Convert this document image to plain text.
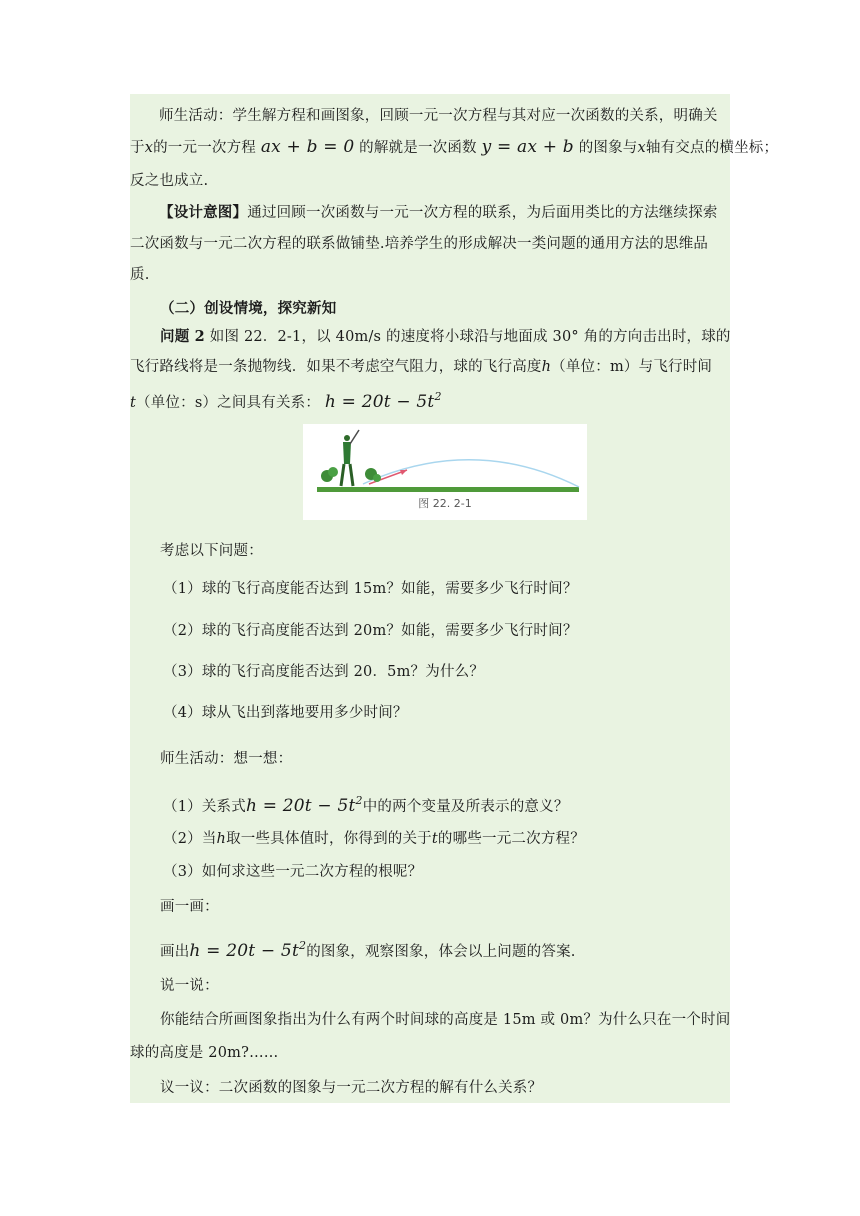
师生活动：学生解方程和画图象，回顾一元一次方程与其对应一次函数的关系，明确关
于x的一元一次方程 ax + b = 0 的解就是一次函数 y = ax + b 的图象与x轴有交点的横坐标；
反之也成立.
【设计意图】通过回顾一次函数与一元一次方程的联系，为后面用类比的方法继续探索
二次函数与一元二次方程的联系做铺垫.培养学生的形成解决一类问题的通用方法的思维品
质.
（二）创设情境，探究新知
问题 2 如图 22．2-1，以 40m/s 的速度将小球沿与地面成 30° 角的方向击出时，球的
飞行路线将是一条抛物线．如果不考虑空气阻力，球的飞行高度h（单位：m）与飞行时间
t（单位：s）之间具有关系： $h = 20t - 5t^2$
图 22. 2-1
考虑以下问题：
（1）球的飞行高度能否达到 15m？如能，需要多少飞行时间？
（2）球的飞行高度能否达到 20m？如能，需要多少飞行时间？
（3）球的飞行高度能否达到 20．5m？为什么？
（4）球从飞出到落地要用多少时间？
师生活动：想一想：
（1）关系式$h = 20t - 5t^2$中的两个变量及所表示的意义？
（2）当h取一些具体值时，你得到的关于t的哪些一元二次方程？
（3）如何求这些一元二次方程的根呢？
画一画：
画出$h = 20t - 5t^2$的图象，观察图象，体会以上问题的答案.
说一说：
你能结合所画图象指出为什么有两个时间球的高度是 15m 或 0m？为什么只在一个时间
球的高度是 20m?……
议一议：二次函数的图象与一元二次方程的解有什么关系？
